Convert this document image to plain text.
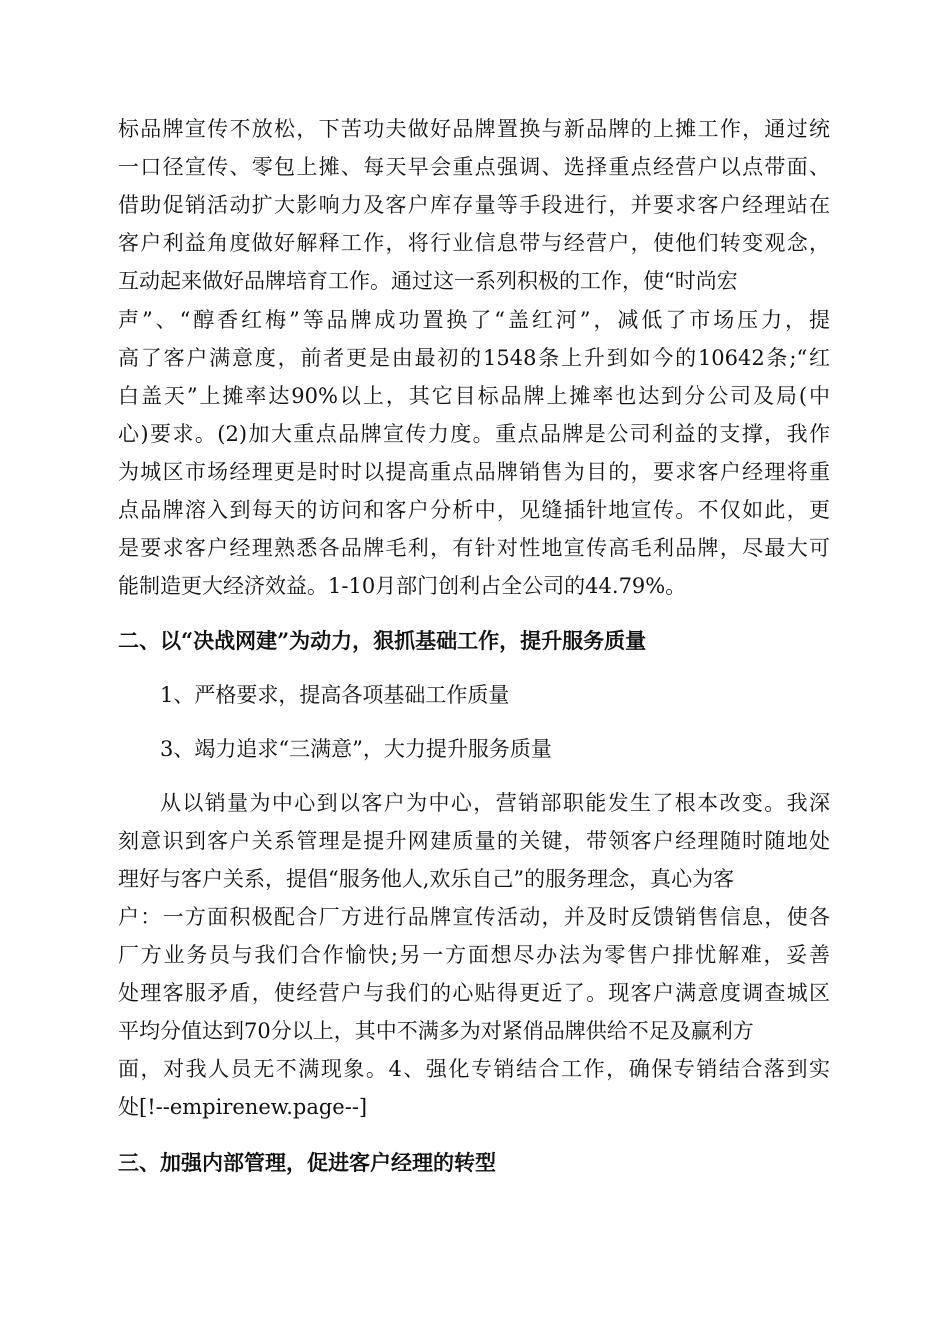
标品牌宣传不放松，下苦功夫做好品牌置换与新品牌的上摊工作，通过统
一口径宣传、零包上摊、每天早会重点强调、选择重点经营户以点带面、
借助促销活动扩大影响力及客户库存量等手段进行，并要求客户经理站在
客户利益角度做好解释工作，将行业信息带与经营户，使他们转变观念，
互动起来做好品牌培育工作。通过这一系列积极的工作，使“时尚宏
声”、“醇香红梅”等品牌成功置换了“盖红河”，减低了市场压力，提
高了客户满意度，前者更是由最初的1548条上升到如今的10642条;“红
白盖天”上摊率达90%以上，其它目标品牌上摊率也达到分公司及局(中
心)要求。(2)加大重点品牌宣传力度。重点品牌是公司利益的支撑，我作
为城区市场经理更是时时以提高重点品牌销售为目的，要求客户经理将重
点品牌溶入到每天的访问和客户分析中，见缝插针地宣传。不仅如此，更
是要求客户经理熟悉各品牌毛利，有针对性地宣传高毛利品牌，尽最大可
能制造更大经济效益。1-10月部门创利占全公司的44.79%。
二、以“决战网建”为动力，狠抓基础工作，提升服务质量
1、严格要求，提高各项基础工作质量
3、竭力追求“三满意”，大力提升服务质量
从以销量为中心到以客户为中心，营销部职能发生了根本改变。我深
刻意识到客户关系管理是提升网建质量的关键，带领客户经理随时随地处
理好与客户关系，提倡“服务他人,欢乐自己”的服务理念，真心为客
户：一方面积极配合厂方进行品牌宣传活动，并及时反馈销售信息，使各
厂方业务员与我们合作愉快;另一方面想尽办法为零售户排忧解难，妥善
处理客服矛盾，使经营户与我们的心贴得更近了。现客户满意度调查城区
平均分值达到70分以上，其中不满多为对紧俏品牌供给不足及赢利方
面，对我人员无不满现象。4、强化专销结合工作，确保专销结合落到实
处[!--empirenew.page--]
三、加强内部管理，促进客户经理的转型
